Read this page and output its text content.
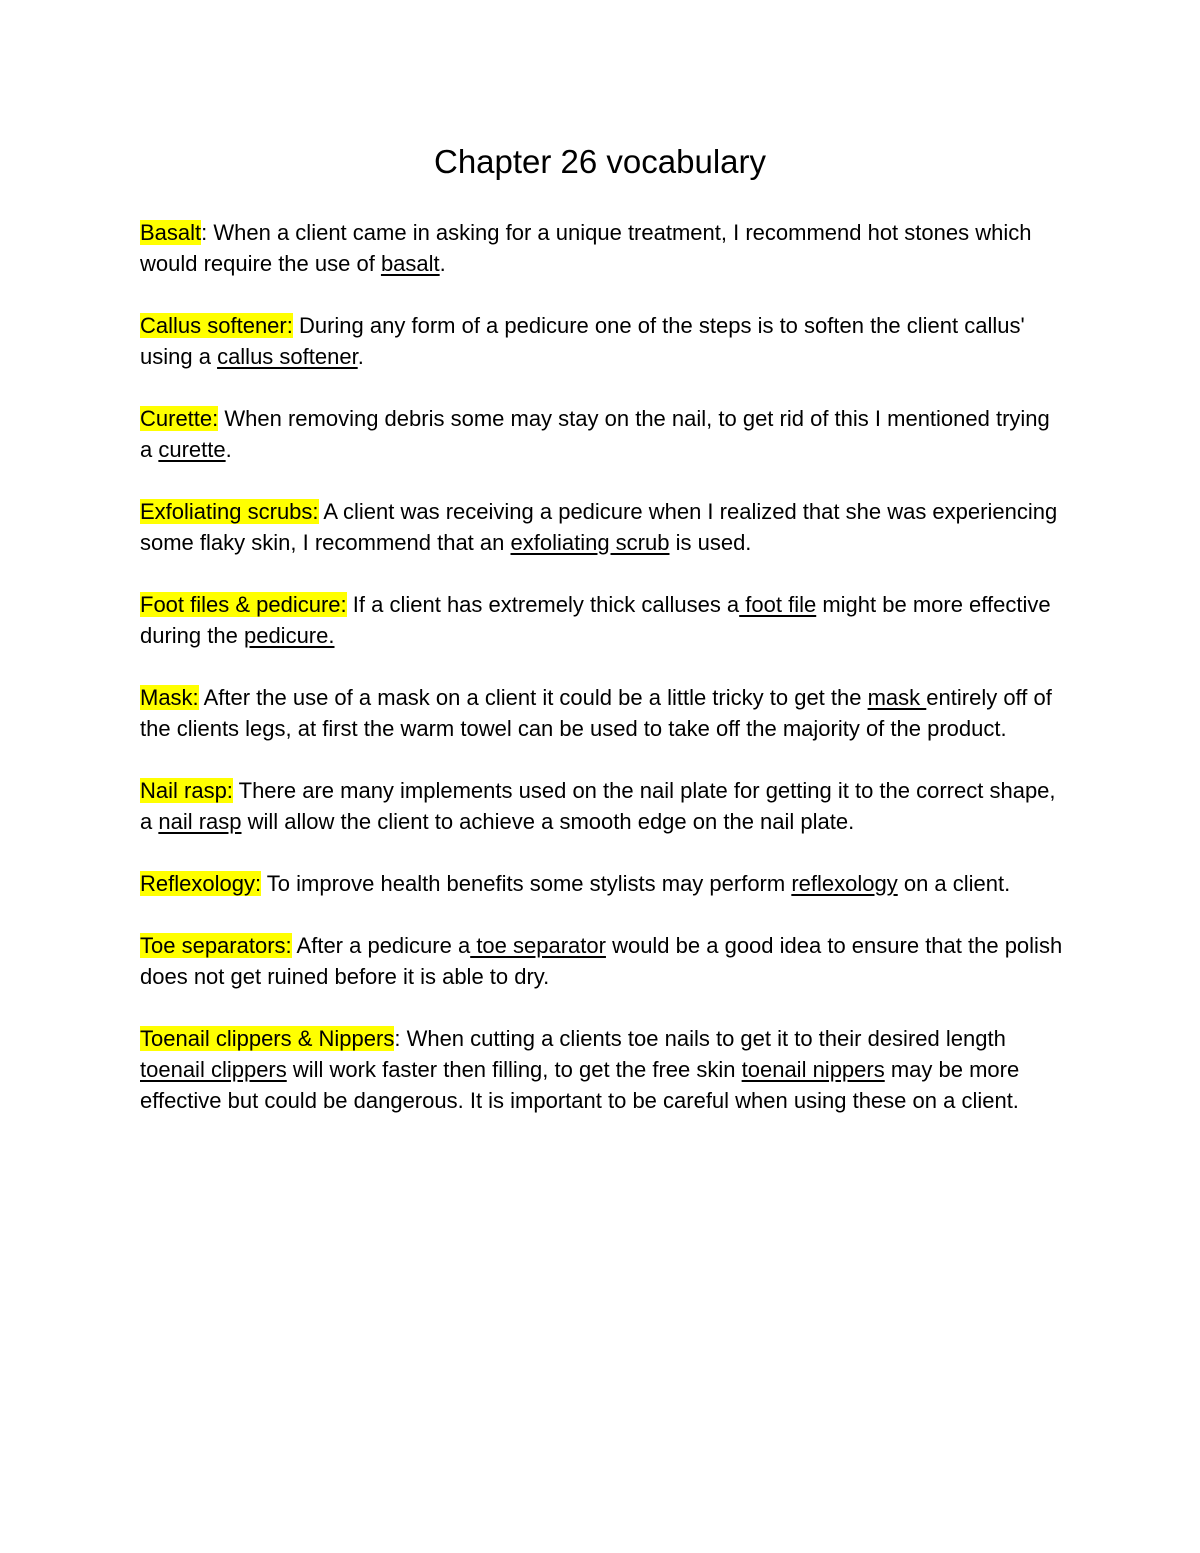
Chapter 26 vocabulary

Basalt: When a client came in asking for a unique treatment, I recommend hot stones which would require the use of basalt.

Callus softener: During any form of a pedicure one of the steps is to soften the client callus' using a callus softener.

Curette: When removing debris some may stay on the nail, to get rid of this I mentioned trying a curette.

Exfoliating scrubs: A client was receiving a pedicure when I realized that she was experiencing some flaky skin, I recommend that an exfoliating scrub is used.

Foot files & pedicure: If a client has extremely thick calluses a foot file might be more effective during the pedicure.

Mask: After the use of a mask on a client it could be a little tricky to get the mask entirely off of the clients legs, at first the warm towel can be used to take off the majority of the product.

Nail rasp: There are many implements used on the nail plate for getting it to the correct shape, a nail rasp will allow the client to achieve a smooth edge on the nail plate.

Reflexology: To improve health benefits some stylists may perform reflexology on a client.

Toe separators: After a pedicure a toe separator would be a good idea to ensure that the polish does not get ruined before it is able to dry.

Toenail clippers & Nippers: When cutting a clients toe nails to get it to their desired length toenail clippers will work faster then filling, to get the free skin toenail nippers may be more effective but could be dangerous. It is important to be careful when using these on a client.
